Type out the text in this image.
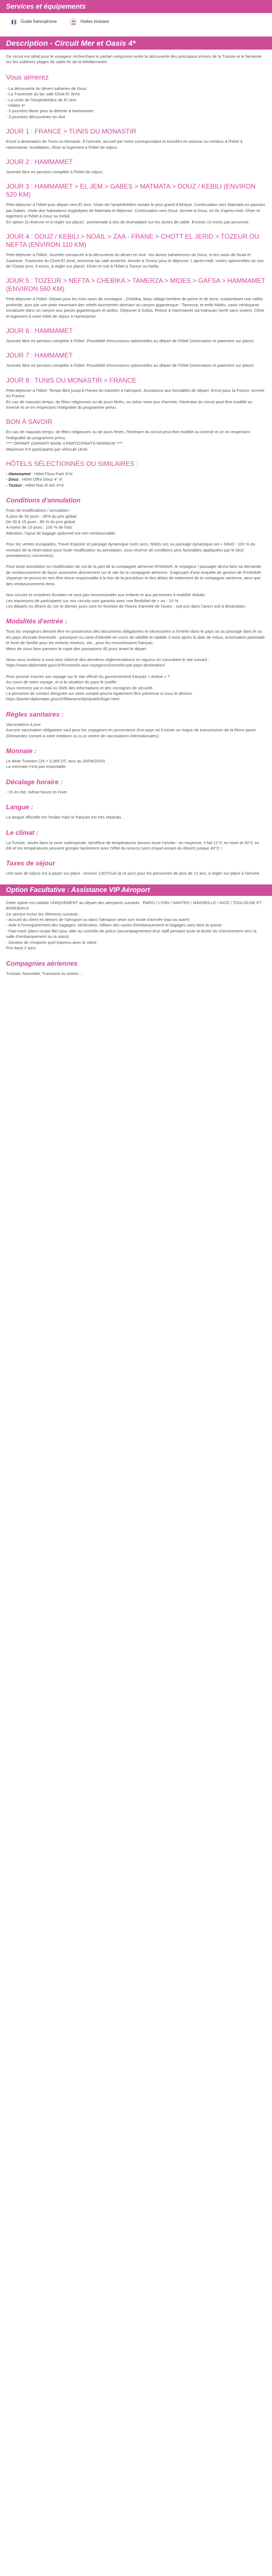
Services et équipements
Guide francophone	Visites incluses
Description - Circuit Mer et Oasis 4*

Ce circuit est idéal pour le voyageur recherchant le parfait compromis entre la découverte des principaux trésors de la Tunisie et le farniente sur les sublimes plages de sable fin de la Méditerranée.

Vous aimerez
- La découverte du désert saharien de Douz
- La Traversée du lac salé Chott El Jerid
- La visite de l'Amphithéâtre de El Jem
- Hôtels 4*
- 3 journées libres pour la détente à Hammamet
- 3 journées découvertes en 4x4
JOUR 1 : FRANCE > TUNIS OU MONASTIR

Envol à destination de Tunis ou Monastir. À l'arrivée, accueil par notre correspondant et transfert en autocar ou minibus à l'hôtel à Hammamet. Installation, dîner et logement à l'hôtel de séjour.

JOUR 2 : HAMMAMET

Journée libre en pension complète à l'hôtel de séjour.

JOUR 3 : HAMMAMET > EL JEM > GABES > MATMATA > DOUZ / KEBILI (ENVIRON 520 KM)

Petit déjeuner à l'hôtel puis départ vers El Jem. Visite de l'amphithéâtre romain le plus grand d'Afrique. Continuation vers Matmata en passant par Gabes. Visite des habitations troglodytes de Matmata et déjeuner. Continuation vers Douz. Arrivée à Douz, en fin d'après-midi. Dîner et logement à l'hôtel à Douz ou Kebili.
En option (à réserver et à régler sur place) : promenade à dos de dromadaire sur les dunes de sable. Environ 10 euros par personne.

JOUR 4 : DOUZ / KEBILI > NOAIL > ZAA - FRANE > CHOTT EL JERID > TOZEUR OU NEFTA (ENVIRON 110 KM)

Petit déjeuner à l'hôtel. Journée consacrée à la découverte du désert en 4x4 : les dunes sahariennes de Douz, et les oasis de Noail et Zaafrane. Traversée du Chott El Jerid, immense lac salé asséché. Arrivée à Tozeur pour le déjeuner. L'après-midi, visites optionnelles du zoo de l'Oasis (env. 3 euros, à régler sur place). Dîner et nuit à l'hôtel à Tozeur ou Nefta.

JOUR 5 : TOZEUR > NEFTA > CHEBIKA > TAMERZA > MIDES > GAFSA > HAMMAMET (ENVIRON 560 KM)

Petit déjeuner à l'hôtel. Départ pour les trois oasis de montagne : Chebika, beau village berbère de pierre et de terre, surplombant une vallée profonde, puis par une piste traversant des reliefs tourmentés donnant un canyon gigantesque : Tamerza, et enfin Midès, oasis verdoyante encaissée dans un canyon aux parois gigantesques et arides. Déjeuner à Gafsa. Retour à Hammamet via Kairouan (arrêt sans visites). Dîner et logement à votre hôtel de séjour à Hammamet.

JOUR 6 : HAMMAMET

Journée libre en pension complète à l'hôtel. Possibilité d'excursions optionnelles au départ de l'hôtel (réservation et paiement sur place)

JOUR 7 : HAMMAMET

Journée libre en pension complète à l'hôtel. Possibilité d'excursions optionnelles au départ de l'hôtel (réservation et paiement sur place)

JOUR 8 : TUNIS OU MONASTIR > FRANCE

Petit déjeuner à l'hôtel. Temps libre jusqu'à l'heure du transfert à l'aéroport. Assistance aux formalités de départ. Envol pour la France. Arrivée en France.
En cas de mauvais temps, de fêtes religieuses ou de jours fériés, ou selon votre jour d'arrivée, l'itinéraire du circuit peut être modifié ou inversé et ce en respectant l'intégralité du programme prévu.

BON À SAVOIR
En cas de mauvais temps, de fêtes religieuses ou de jours fériés, l'itinéraire du circuit peut être modifié ou inversé et ce en respectant l'intégralité du programme prévu.
**** DEPART GARANTI BASE 4 PARTICIPANTS MINIMUM ****
Maximum 5-6 participants par véhicule (4x4).
HÔTELS SÉLECTIONNÉS OU SIMILAIRES :
- Hammamet : Hôtel Flora Park 4*nl
- Douz : Hôtel Offra Douz 4* nl
- Tozeur : Hôtel Ras El Ain 4*nl
Conditions d'annulation

Frais de modifications / annulation :
À plus de 30 jours : 35% du prix global
De 30 à 15 jours : 85 % du prix global
A moins de 15 jours : 100 % de frais
Attention, l'ajout de bagage optionnel est non-remboursable.

Pour les ventes escapades, Travel Explorer et package dynamique (vols secs, hôtels sec ou package dynamique vol + hôtel) : 100 % du montant de la réservation pour toute modification ou annulation, sous réserve de conditions plus favorables appliquées par le (les) prestataire(s) concerné(s).

Pour toute annulation ou modification de vol de la part de la compagnie aérienne RYANAIR, le voyageur / passager devra faire sa demande de remboursement de façon autonome directement sur le site de la compagnie aérienne. S'agissant d'une enquête de gestion de RYANAIR, Voyamar ne pourra en rien être tenue responsable à la fois de la procédure et des délais de traitement de la compagnie aérienne, ainsi que des remboursements émis.

Nos circuits et croisières fluviales ne sont pas recommandés aux enfants et aux personnes à mobilité réduite.
Les maximums de participants sur nos circuits sont garantis avec une flexibilité de + ou - 10 %.
Les départs ou dîners du 1er et dernier jours sont en fonction de l'heure d'arrivée de l'avion : soit pris dans l'avion soit à destination.

Modalités d'entrée :

Tous les voyageurs devront être en possession des documents obligatoires et nécessaires à l'entrée dans le pays ou au passage dans le ou les pays d'escale éventuels : passeport ou carte d'identité en cours de validité et valable 3 mois après la date de retour, autorisation parentale et livret de famille pour les enfants mineurs, etc., pour les ressortissants français.
Merci de nous faire parvenir la copie des passeports 45 jours avant le départ.

Nous vous invitons à vous tenir informé des dernières réglementations en vigueur en consultant le site suivant : https://www.diplomatie.gouv.fr/fr/conseils-aux-voyageurs/conseils-par-pays-destination/

Pour pouvoir inscrire son voyage sur le site officiel du gouvernement français « Ariane » ?
Au cours de votre voyage, et si la situation du pays le justifie :
Vous recevrez par e-mail ou SMS des informations et des consignes de sécurité.
La personne de contact désignée sur votre compte pourra également être prévenue si vous le désirez.
https://pastel.diplomatie.gouv.fr/fildariane/dyn/public/login.html

Règles sanitaires :

Vaccinations à jour.
Aucune vaccination obligatoire sauf pour les voyageurs en provenance d'un pays où il existe un risque de transmission de la fièvre jaune (Demandez conseil à votre médecin ou à un centre de vaccinations internationales).

Monnaie :

Le dinar Tunisien (1€ = 3,365 DT, taux au 30/04/2024).
La monnaie n'est pas exportable.

Décalage horaire :

- 1h en été, même heure en hiver

Langue :

La langue officielle est l'arabe mais le français est très répandu.

Le climat :

La Tunisie, située dans la zone subtropicale, bénéficie de températures douces toute l'année : en moyenne, il fait 12°C en hiver et 30°C en été et les températures peuvent grimper facilement avec l'effet du sirocco (vent chaud venant du désert) jusque 40°C !

Taxes de séjour

Une taxe de séjour est à payer sur place : environ 12DT/nuit (à ce jour) pour les personnes de plus de 12 ans, à régler sur place à l'arrivée.

Option Facultative : Assistance VIP Aéroport

Cette option est valable UNIQUEMENT au départ des aéroports suivants : PARIS / LYON / NANTES / MARSEILLE / NICE / TOULOUSE ET BORDEAUX
Ce service inclus les éléments suivants :
- Accueil du client en dehors de l'aéroport ou dans l'aéroport selon son mode d'arrivée (taxi ou autre)
- Aide à l'enregistrement des bagages, vérification, édition des cartes d'embarquement et bagages sans faire la queue
- Fast track (dans coupe file) pour aller au contrôle de police (accompagnement d'un staff pendant toute la durée du cheminement vers la salle d'embarquement ou la salon)
- Gestion de n'importe quel imprévu avec le client
Prix base 2 pers

Compagnies aériennes

Tunisair, Nouvelair, Transavia ou autres ...
